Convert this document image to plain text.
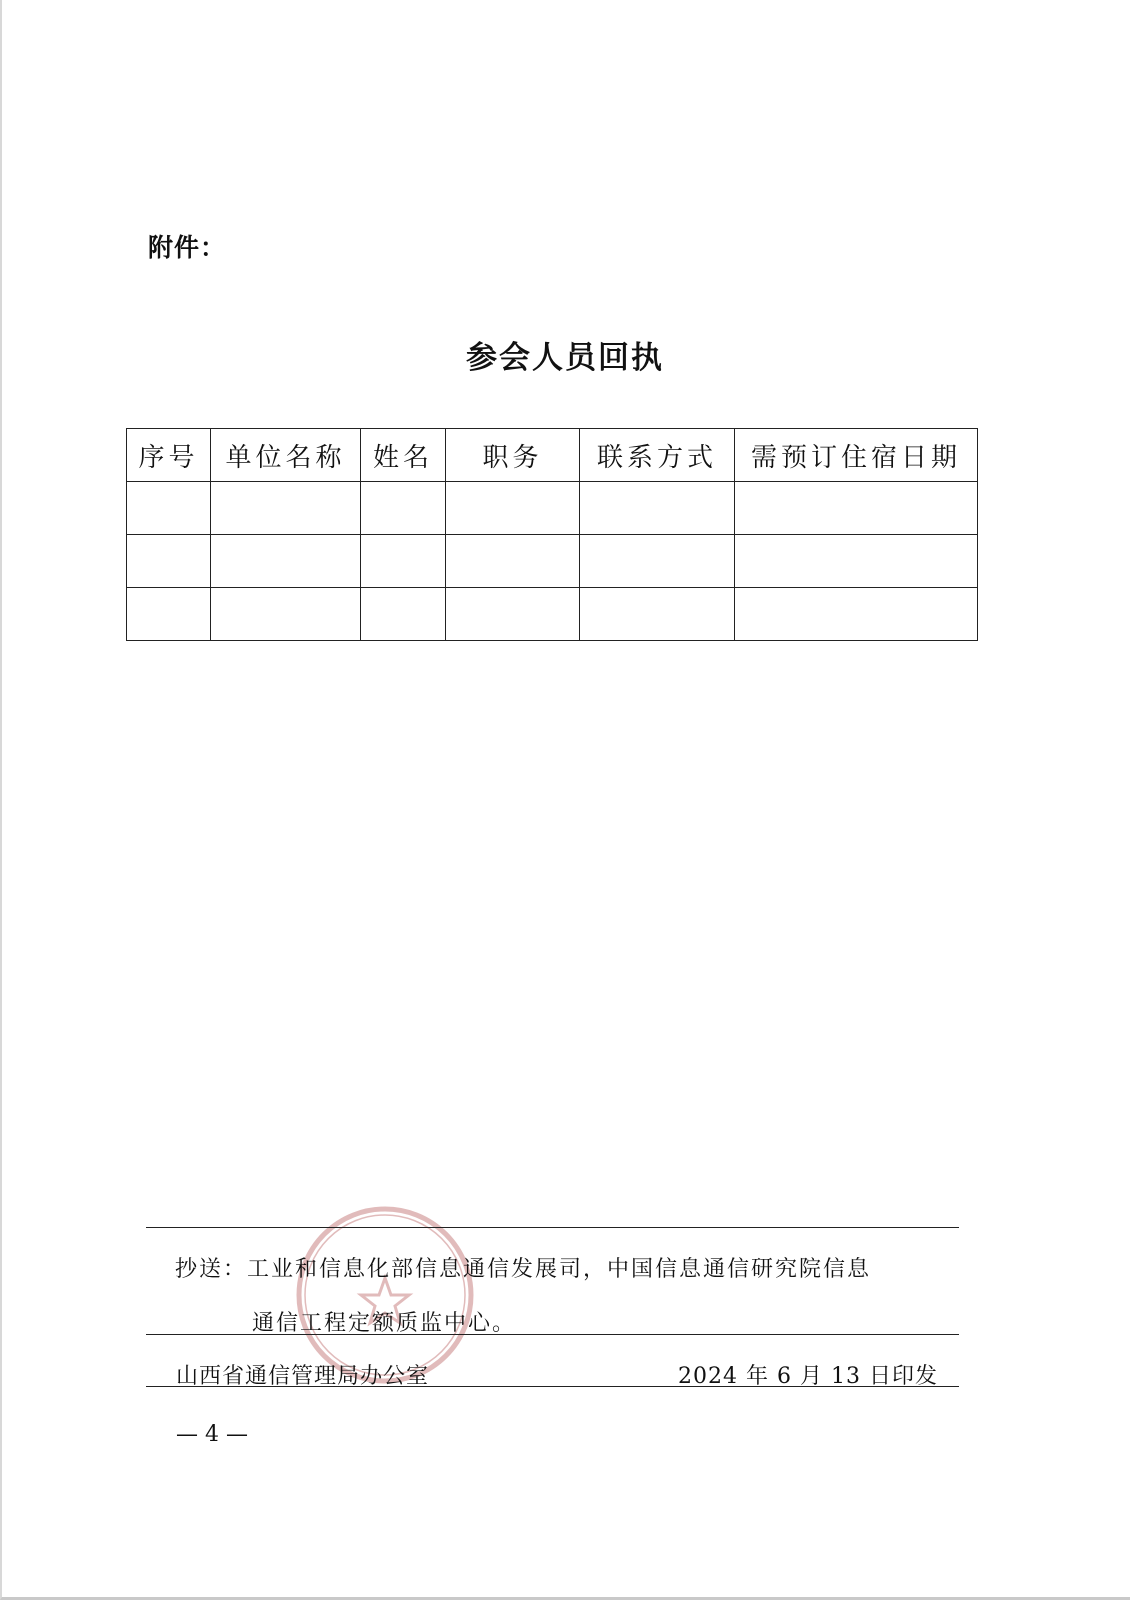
附件：
参会人员回执
序号	单位名称	姓名	职务	联系方式	需预订住宿日期

抄送：工业和信息化部信息通信发展司，中国信息通信研究院信息
通信工程定额质监中心。
山西省通信管理局办公室	2024 年 6 月 13 日印发
— 4 —
